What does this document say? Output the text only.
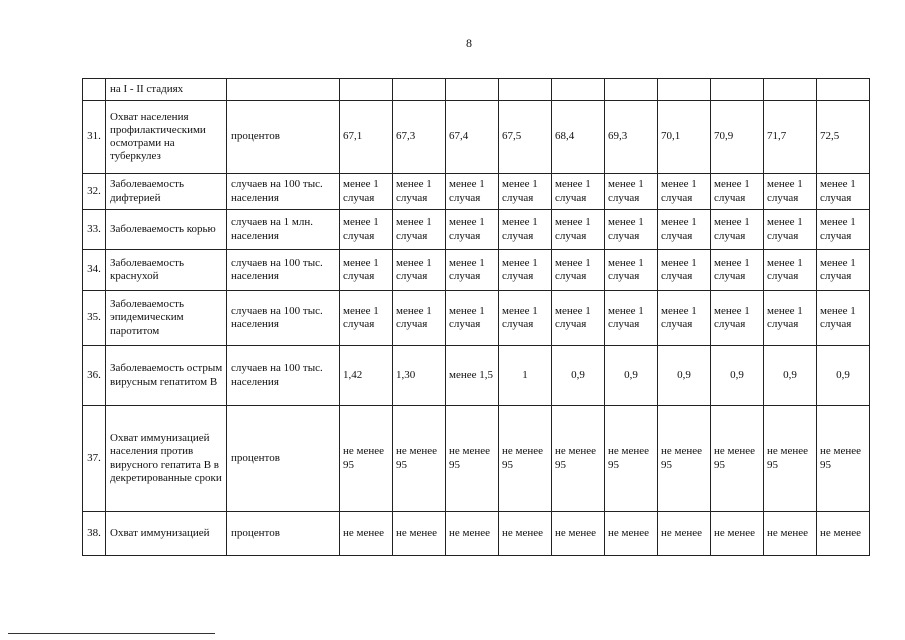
8
	на I - II стадиях											
31.	Охват населения профилактическими осмотрами на туберкулез	процентов	67,1	67,3	67,4	67,5	68,4	69,3	70,1	70,9	71,7	72,5
32.	Заболеваемость дифтерией	случаев на 100 тыс. населения	менее 1 случая	менее 1 случая	менее 1 случая	менее 1 случая	менее 1 случая	менее 1 случая	менее 1 случая	менее 1 случая	менее 1 случая	менее 1 случая
33.	Заболеваемость корью	случаев на 1 млн. населения	менее 1 случая	менее 1 случая	менее 1 случая	менее 1 случая	менее 1 случая	менее 1 случая	менее 1 случая	менее 1 случая	менее 1 случая	менее 1 случая
34.	Заболеваемость краснухой	случаев на 100 тыс. населения	менее 1 случая	менее 1 случая	менее 1 случая	менее 1 случая	менее 1 случая	менее 1 случая	менее 1 случая	менее 1 случая	менее 1 случая	менее 1 случая
35.	Заболеваемость эпидемическим паротитом	случаев на 100 тыс. населения	менее 1 случая	менее 1 случая	менее 1 случая	менее 1 случая	менее 1 случая	менее 1 случая	менее 1 случая	менее 1 случая	менее 1 случая	менее 1 случая
36.	Заболеваемость острым вирусным гепатитом В	случаев на 100 тыс. населения	1,42	1,30	менее 1,5	1	0,9	0,9	0,9	0,9	0,9	0,9
37.	Охват иммунизацией населения против вирусного гепатита В в декретированные сроки	процентов	не менее 95	не менее 95	не менее 95	не менее 95	не менее 95	не менее 95	не менее 95	не менее 95	не менее 95	не менее 95
38.	Охват иммунизацией	процентов	не менее	не менее	не менее	не менее	не менее	не менее	не менее	не менее	не менее	не менее
